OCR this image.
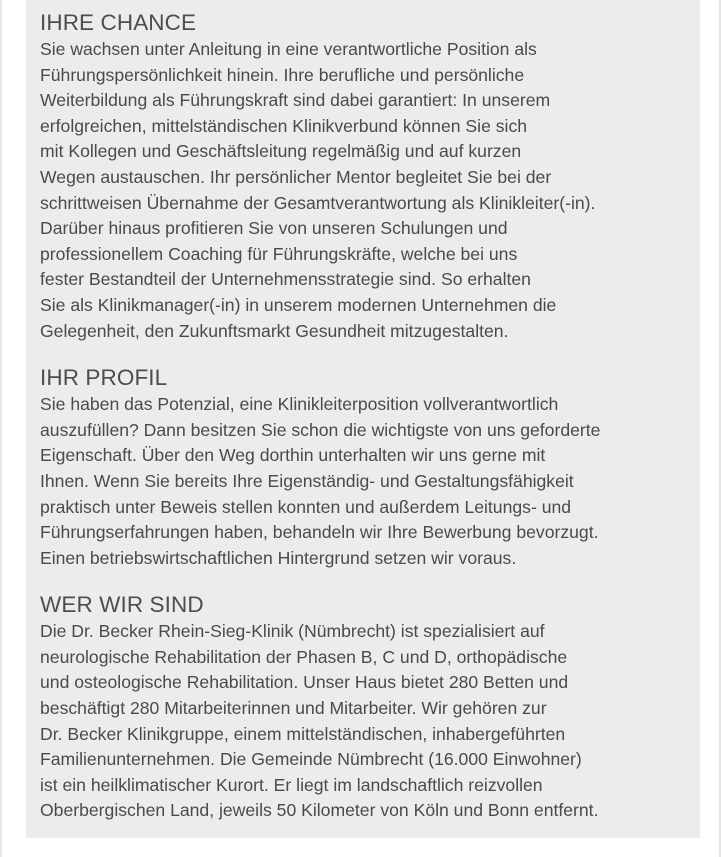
IHRE CHANCE
Sie wachsen unter Anleitung in eine verantwortliche Position als
Führungspersönlichkeit hinein. Ihre berufliche und persönliche
Weiterbildung als Führungskraft sind dabei garantiert: In unserem
erfolgreichen, mittelständischen Klinikverbund können Sie sich
mit Kollegen und Geschäftsleitung regelmäßig und auf kurzen
Wegen austauschen. Ihr persönlicher Mentor begleitet Sie bei der
schrittweisen Übernahme der Gesamtverantwortung als Klinikleiter(-in).
Darüber hinaus profitieren Sie von unseren Schulungen und
professionellem Coaching für Führungskräfte, welche bei uns
fester Bestandteil der Unternehmensstrategie sind. So erhalten
Sie als Klinikmanager(-in) in unserem modernen Unternehmen die
Gelegenheit, den Zukunftsmarkt Gesundheit mitzugestalten.
IHR PROFIL
Sie haben das Potenzial, eine Klinikleiterposition vollverantwortlich
auszufüllen? Dann besitzen Sie schon die wichtigste von uns geforderte
Eigenschaft. Über den Weg dorthin unterhalten wir uns gerne mit
Ihnen. Wenn Sie bereits Ihre Eigenständig- und Gestaltungsfähigkeit
praktisch unter Beweis stellen konnten und außerdem Leitungs- und
Führungserfahrungen haben, behandeln wir Ihre Bewerbung bevorzugt.
Einen betriebswirtschaftlichen Hintergrund setzen wir voraus.
WER WIR SIND
Die Dr. Becker Rhein-Sieg-Klinik (Nümbrecht) ist spezialisiert auf
neurologische Rehabilitation der Phasen B, C und D, orthopädische
und osteologische Rehabilitation. Unser Haus bietet 280 Betten und
beschäftigt 280 Mitarbeiterinnen und Mitarbeiter. Wir gehören zur
Dr. Becker Klinikgruppe, einem mittelständischen, inhabergeführten
Familienunternehmen. Die Gemeinde Nümbrecht (16.000 Einwohner)
ist ein heilklimatischer Kurort. Er liegt im landschaftlich reizvollen
Oberbergischen Land, jeweils 50 Kilometer von Köln und Bonn entfernt.
